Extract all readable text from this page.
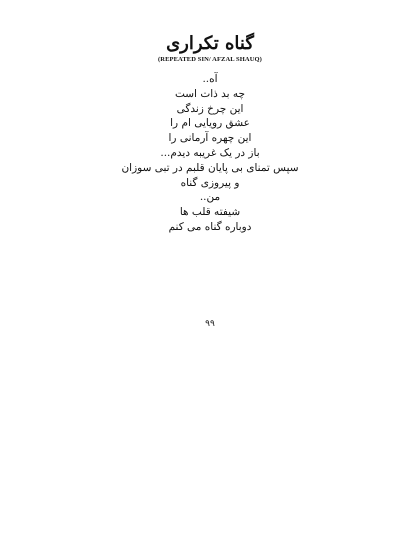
گناه تکراری
(REPEATED SIN/ AFZAL SHAUQ)
آه..
چه بد ذات است
این چرخ زندگی
عشق رویایی ام را
این چهره آرمانی را
باز در یک غریبه دیدم...
سپس تمنای بی پایان قلبم در تبی سوزان
و پیروزی گناه
من..
شیفته قلب ها
دوباره گناه می کنم
۹۹
